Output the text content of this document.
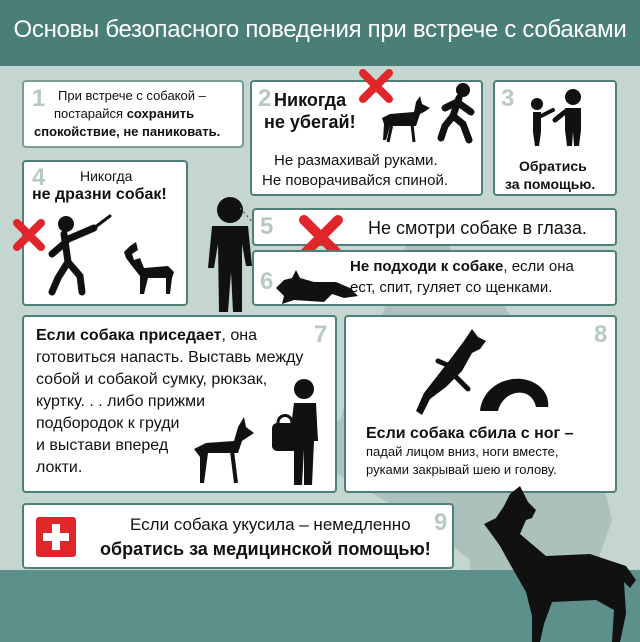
Основы безопасного поведения при встрече с собаками
1 При встрече с собакой –
постарайся сохранить
спокойствие, не паниковать.
2 Никогда
не убегай!
Не размахивай руками.
Не поворачивайся спиной.
3
Обратись
за помощью.
4 Никогда
не дразни собак!
5	Не смотри собаке в глаза.
6
Не подходи к собаке, если она
ест, спит, гуляет со щенками.
7
Если собака приседает, она
готовиться напасть. Выставь между
собой и собакой сумку, рюкзак,
куртку. . . либо прижми
подбородок к груди
и выстави вперед
локти.
8
Если собака сбила с ног –
падай лицом вниз, ноги вместе,
руками закрывай шею и голову.
9
Если собака укусила – немедленно
обратись за медицинской помощью!
